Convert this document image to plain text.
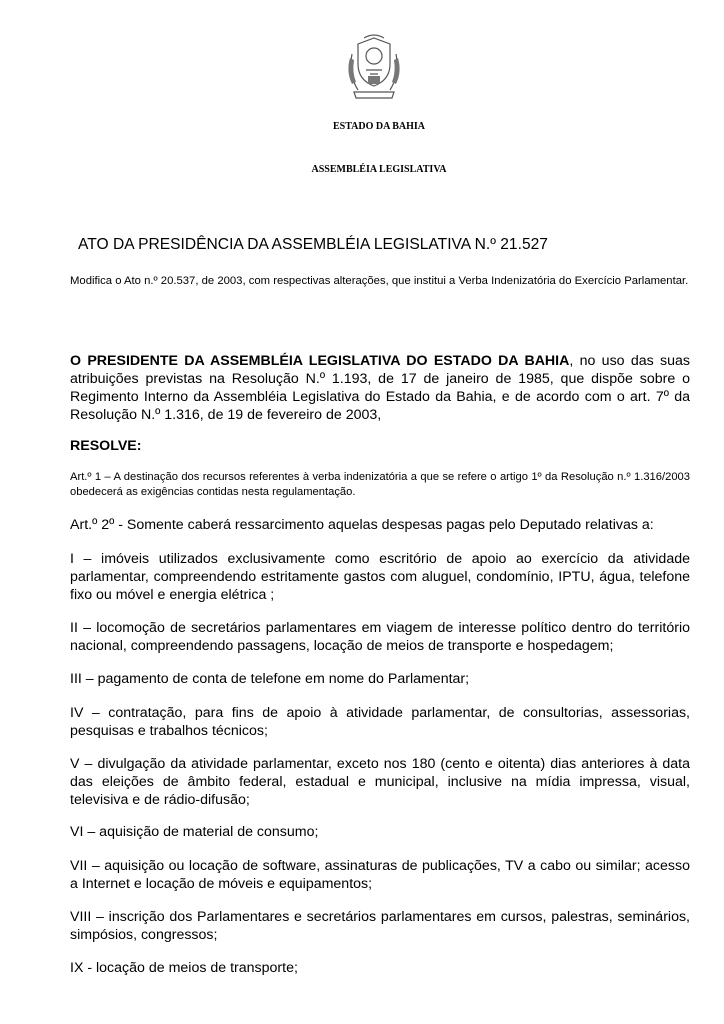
ESTADO DA BAHIA
ASSEMBLÉIA LEGISLATIVA
ATO DA PRESIDÊNCIA DA ASSEMBLÉIA LEGISLATIVA N.º 21.527
Modifica o Ato n.º 20.537, de 2003, com respectivas alterações, que institui a Verba Indenizatória do Exercício Parlamentar.
O PRESIDENTE DA ASSEMBLÉIA LEGISLATIVA DO ESTADO DA BAHIA, no uso das suas atribuições previstas na Resolução N.º 1.193, de 17 de janeiro de 1985, que dispõe sobre o Regimento Interno da Assembléia Legislativa do Estado da Bahia, e de acordo com o art. 7º da Resolução N.º 1.316, de 19 de fevereiro de 2003,
RESOLVE:
Art.º 1 – A destinação dos recursos referentes à verba indenizatória a que se refere o artigo 1º da Resolução n.º 1.316/2003 obedecerá as exigências contidas nesta regulamentação.
Art.º 2º - Somente caberá ressarcimento aquelas despesas pagas pelo Deputado relativas a:
I – imóveis utilizados exclusivamente como escritório de apoio ao exercício da atividade parlamentar, compreendendo estritamente gastos com aluguel, condomínio, IPTU, água, telefone fixo ou móvel e energia elétrica ;
II – locomoção de secretários parlamentares em viagem de interesse político dentro do território nacional, compreendendo passagens, locação de meios de transporte e hospedagem;
III – pagamento de conta de telefone em nome do Parlamentar;
IV – contratação, para fins de apoio à atividade parlamentar, de consultorias, assessorias, pesquisas e trabalhos técnicos;
V – divulgação da atividade parlamentar, exceto nos 180 (cento e oitenta) dias anteriores à data das eleições de âmbito federal, estadual e municipal, inclusive na mídia impressa, visual, televisiva e de rádio-difusão;
VI – aquisição de material de consumo;
VII – aquisição ou locação de software, assinaturas de publicações, TV a cabo ou similar; acesso a Internet e locação de móveis e equipamentos;
VIII – inscrição dos Parlamentares e secretários parlamentares em cursos, palestras, seminários, simpósios, congressos;
IX - locação de meios de transporte;
